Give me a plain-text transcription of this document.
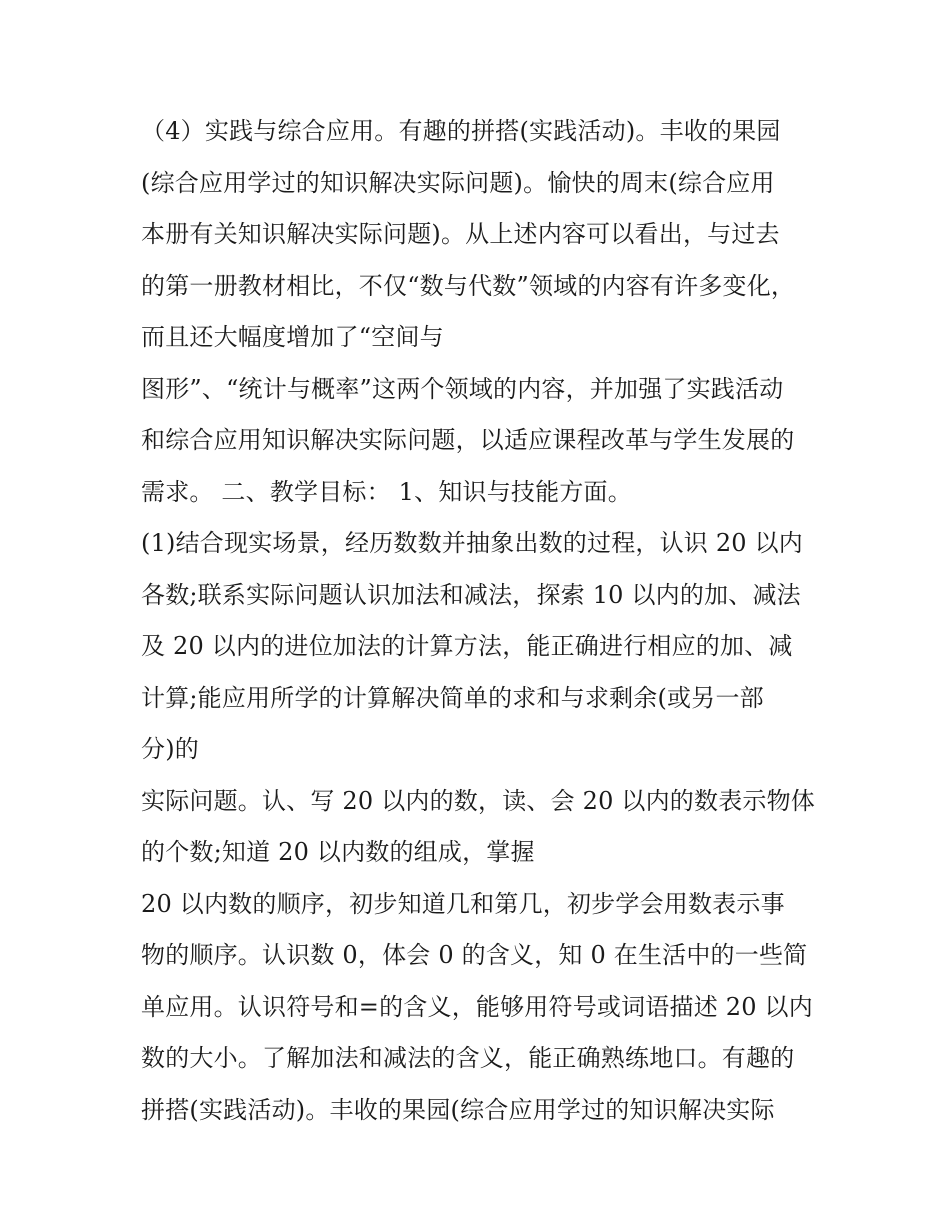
（4）实践与综合应用。有趣的拼搭(实践活动)。丰收的果园
(综合应用学过的知识解决实际问题)。愉快的周末(综合应用
本册有关知识解决实际问题)。从上述内容可以看出，与过去
的第一册教材相比，不仅“数与代数”领域的内容有许多变化，
而且还大幅度增加了“空间与
图形”、“统计与概率”这两个领域的内容，并加强了实践活动
和综合应用知识解决实际问题，以适应课程改革与学生发展的
需求。 二、教学目标： 1、知识与技能方面。
(1)结合现实场景，经历数数并抽象出数的过程，认识 20 以内
各数;联系实际问题认识加法和减法，探索 10 以内的加、减法
及 20 以内的进位加法的计算方法，能正确进行相应的加、减
计算;能应用所学的计算解决简单的求和与求剩余(或另一部
分)的
实际问题。认、写 20 以内的数，读、会 20 以内的数表示物体
的个数;知道 20 以内数的组成，掌握
20 以内数的顺序，初步知道几和第几，初步学会用数表示事
物的顺序。认识数 0，体会 0 的含义，知 0 在生活中的一些简
单应用。认识符号和=的含义，能够用符号或词语描述 20 以内
数的大小。了解加法和减法的含义，能正确熟练地口。有趣的
拼搭(实践活动)。丰收的果园(综合应用学过的知识解决实际
